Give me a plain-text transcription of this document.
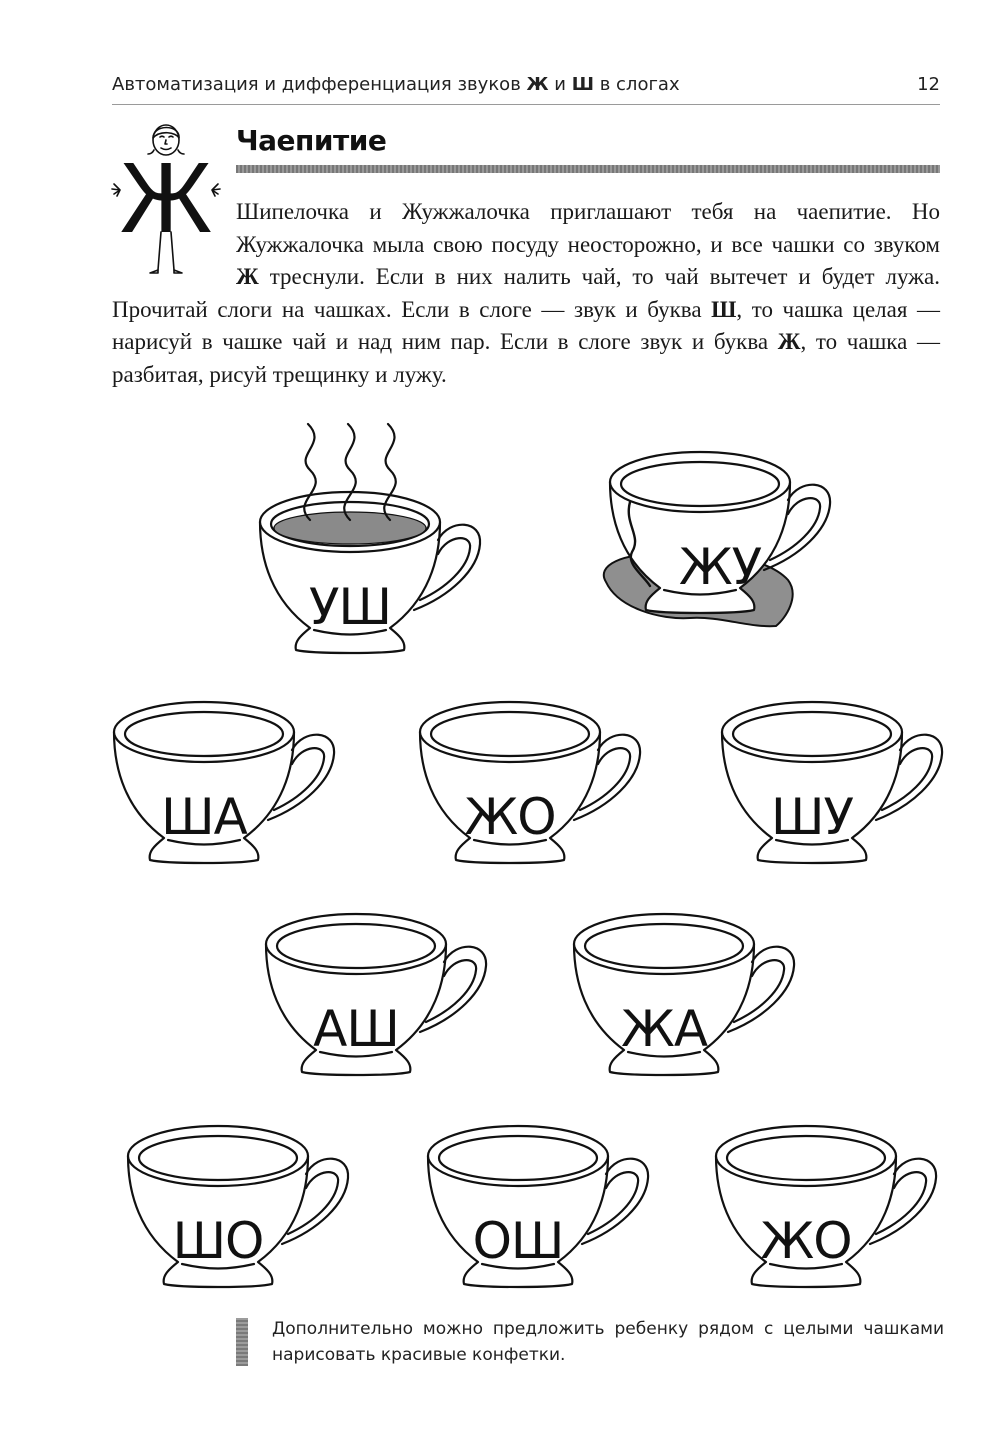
Автоматизация и дифференциация звуков Ж и Ш в слогах	12
Ж
Чаепитие

Шипелочка и Жужжалочка приглашают тебя на чаепитие. Но Жужжалочка мыла свою посуду неосторожно, и все чашки со звуком Ж треснули. Если в них налить чай, то чай вытечет и будет лужа. Прочитай слоги на чашках. Если в слоге — звук и буква Ш, то чашка целая — нарисуй в чашке чай и над ним пар. Если в слоге звук и буква Ж, то чашка — разбитая, рисуй трещинку и лужу.

УШ
ЖУ
ША	ЖО	ШУ
АШ	ЖА
ШО	ОШ	ЖО

Дополнительно можно предложить ребенку рядом с целыми чашками нарисовать красивые конфетки.
